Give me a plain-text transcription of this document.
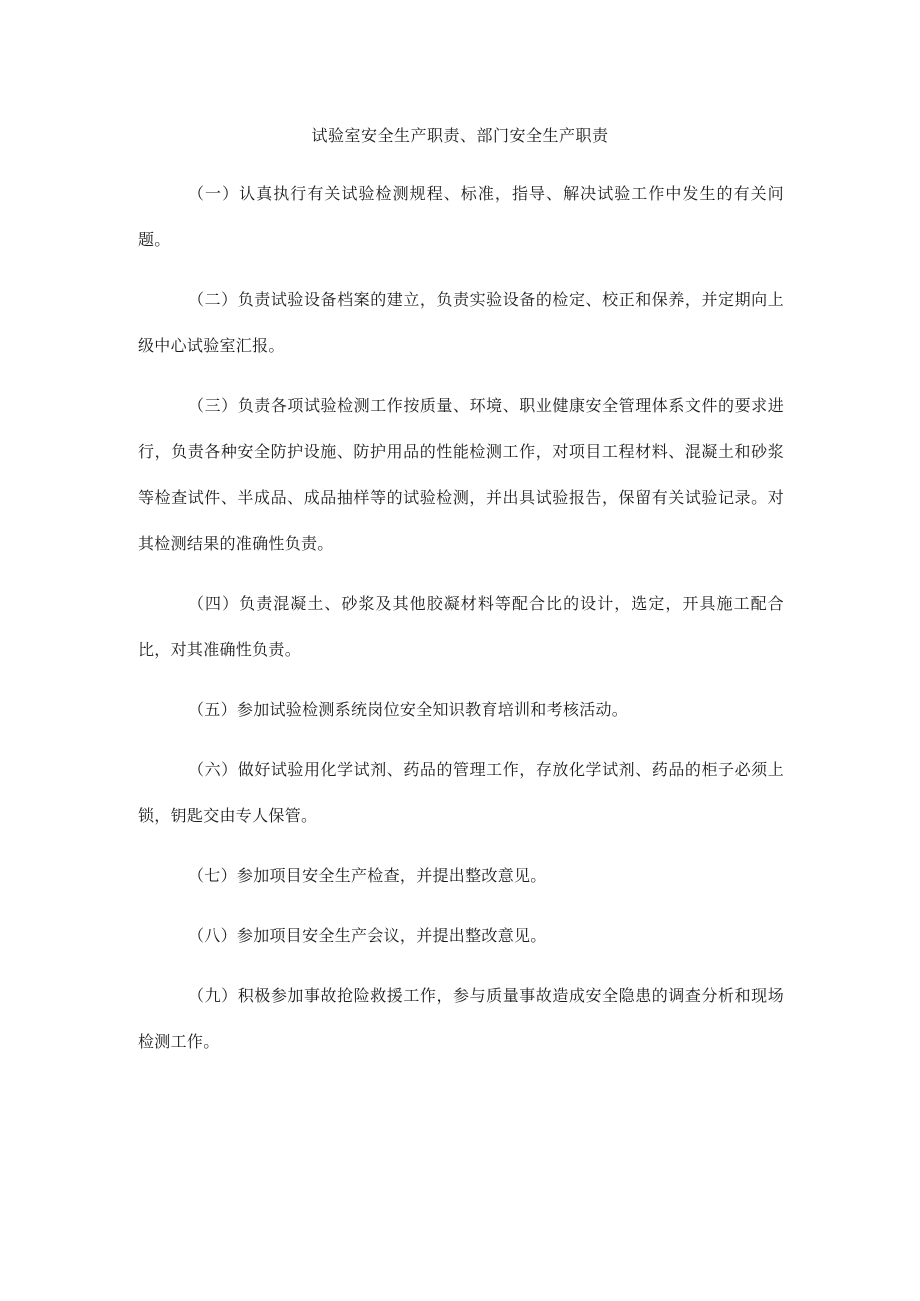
试验室安全生产职责、部门安全生产职责

（一）认真执行有关试验检测规程、标准，指导、解决试验工作中发生的有关问题。

（二）负责试验设备档案的建立，负责实验设备的检定、校正和保养，并定期向上级中心试验室汇报。

（三）负责各项试验检测工作按质量、环境、职业健康安全管理体系文件的要求进行，负责各种安全防护设施、防护用品的性能检测工作，对项目工程材料、混凝土和砂浆等检查试件、半成品、成品抽样等的试验检测，并出具试验报告，保留有关试验记录。对其检测结果的准确性负责。

（四）负责混凝土、砂浆及其他胶凝材料等配合比的设计，选定，开具施工配合比，对其准确性负责。

（五）参加试验检测系统岗位安全知识教育培训和考核活动。

（六）做好试验用化学试剂、药品的管理工作，存放化学试剂、药品的柜子必须上锁，钥匙交由专人保管。

（七）参加项目安全生产检查，并提出整改意见。

（八）参加项目安全生产会议，并提出整改意见。

（九）积极参加事故抢险救援工作，参与质量事故造成安全隐患的调查分析和现场检测工作。
